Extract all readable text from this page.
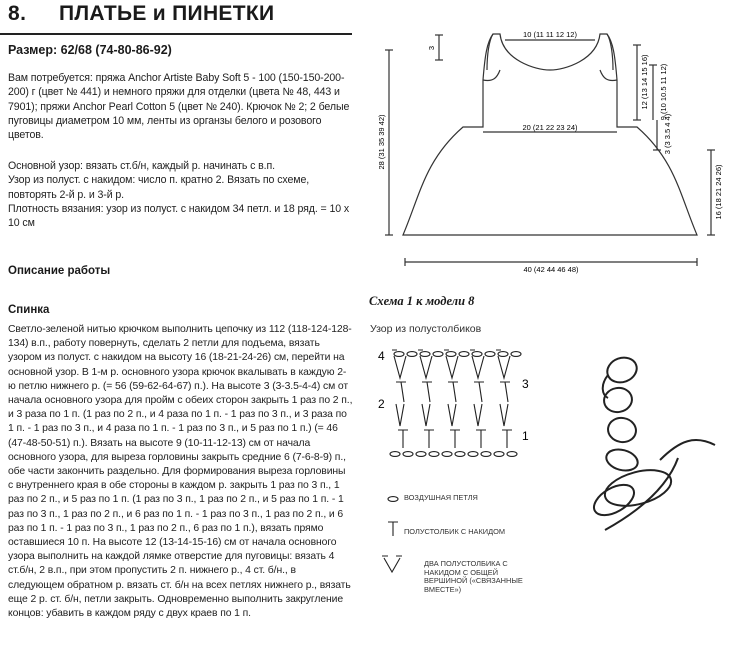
8. ПЛАТЬЕ и ПИНЕТКИ
Размер: 62/68 (74-80-86-92)
Вам потребуется: пряжа Anchor Artiste Baby Soft 5 - 100 (150-150-200-200) г (цвет № 441) и немного пряжи для отделки (цвета № 48, 443 и 7901); пряжи Anchor Pearl Cotton 5 (цвет № 240). Крючок № 2; 2 белые пуговицы диаметром 10 мм, ленты из органзы белого и розового цветов.

Основной узор: вязать ст.б/н, каждый р. начинать с в.п.

Узор из полуст. с накидом: число п. кратно 2. Вязать по схеме, повторять 2-й р. и 3-й р.

Плотность вязания: узор из полуст. с накидом 34 петл. и 18 ряд. = 10 х 10 см

Описание работы
Спинка
Светло-зеленой нитью крючком выполнить цепочку из 112 (118-124-128-134) в.п., работу повернуть, сделать 2 петли для подъема, вязать узором из полуст. с накидом на высоту 16 (18-21-24-26) см, перейти на основной узор. В 1-м р. основного узора крючок вкалывать в каждую 2-ю петлю нижнего р. (= 56 (59-62-64-67) п.). На высоте 3 (3-3.5-4-4) см от начала основного узора для пройм с обеих сторон закрыть 1 раз по 2 п., и 3 раза по 1 п. (1 раз по 2 п., и 4 раза по 1 п. - 1 раз по 3 п., и 3 раза по 1 п. - 1 раз по 3 п., и 4 раза по 1 п. - 1 раз по 3 п., и 5 раз по 1 п.) (= 46 (47-48-50-51) п.). Вязать на высоте 9 (10-11-12-13) см от начала основного узора, для выреза горловины закрыть средние 6 (7-6-8-9) п., обе части закончить раздельно. Для формирования выреза горловины с внутреннего края в обе стороны в каждом р. закрыть 1 раз по 3 п., 1 раз по 2 п., и 5 раз по 1 п. (1 раз по 3 п., 1 раз по 2 п., и 5 раз по 1 п. - 1 раз по 3 п., 1 раз по 2 п., и 6 раз по 1 п. - 1 раз по 3 п., 1 раз по 2 п., и 6 раз по 1 п. - 1 раз по 3 п., 1 раз по 2 п., 6 раз по 1 п.), вязать прямо оставшиеся 10 п. На высоте 12 (13-14-15-16) см от начала основного узора выполнить на каждой лямке отверстие для пуговицы: вязать 4 ст.б/н, 2 в.п., при этом пропустить 2 п. нижнего р., 4 ст. б/н., в следующем обратном р. вязать ст. б/н на всех петлях нижнего р., вязать еще 2 р. ст. б/н, петли закрыть. Одновременно выполнить закругление концов: убавить в каждом ряду с двух краев по 1 п.
10 (11 11 12 12)
20 (21 22 23 24)
40 (42 44 46 48)
28 (31 35 39 42)
3
12 (13 14 15 16) 9 (10 10.5 11 12)
3 (3 3.5 4 4)
16 (18 21 24 26)
Схема 1 к модели 8
Узор из полустолбиков
4
3
2
1
ВОЗДУШНАЯ ПЕТЛЯ
ПОЛУСТОЛБИК С НАКИДОМ
ДВА ПОЛУСТОЛБИКА С НАКИДОМ С ОБЩЕЙ ВЕРШИНОЙ («СВЯЗАННЫЕ ВМЕСТЕ»)
